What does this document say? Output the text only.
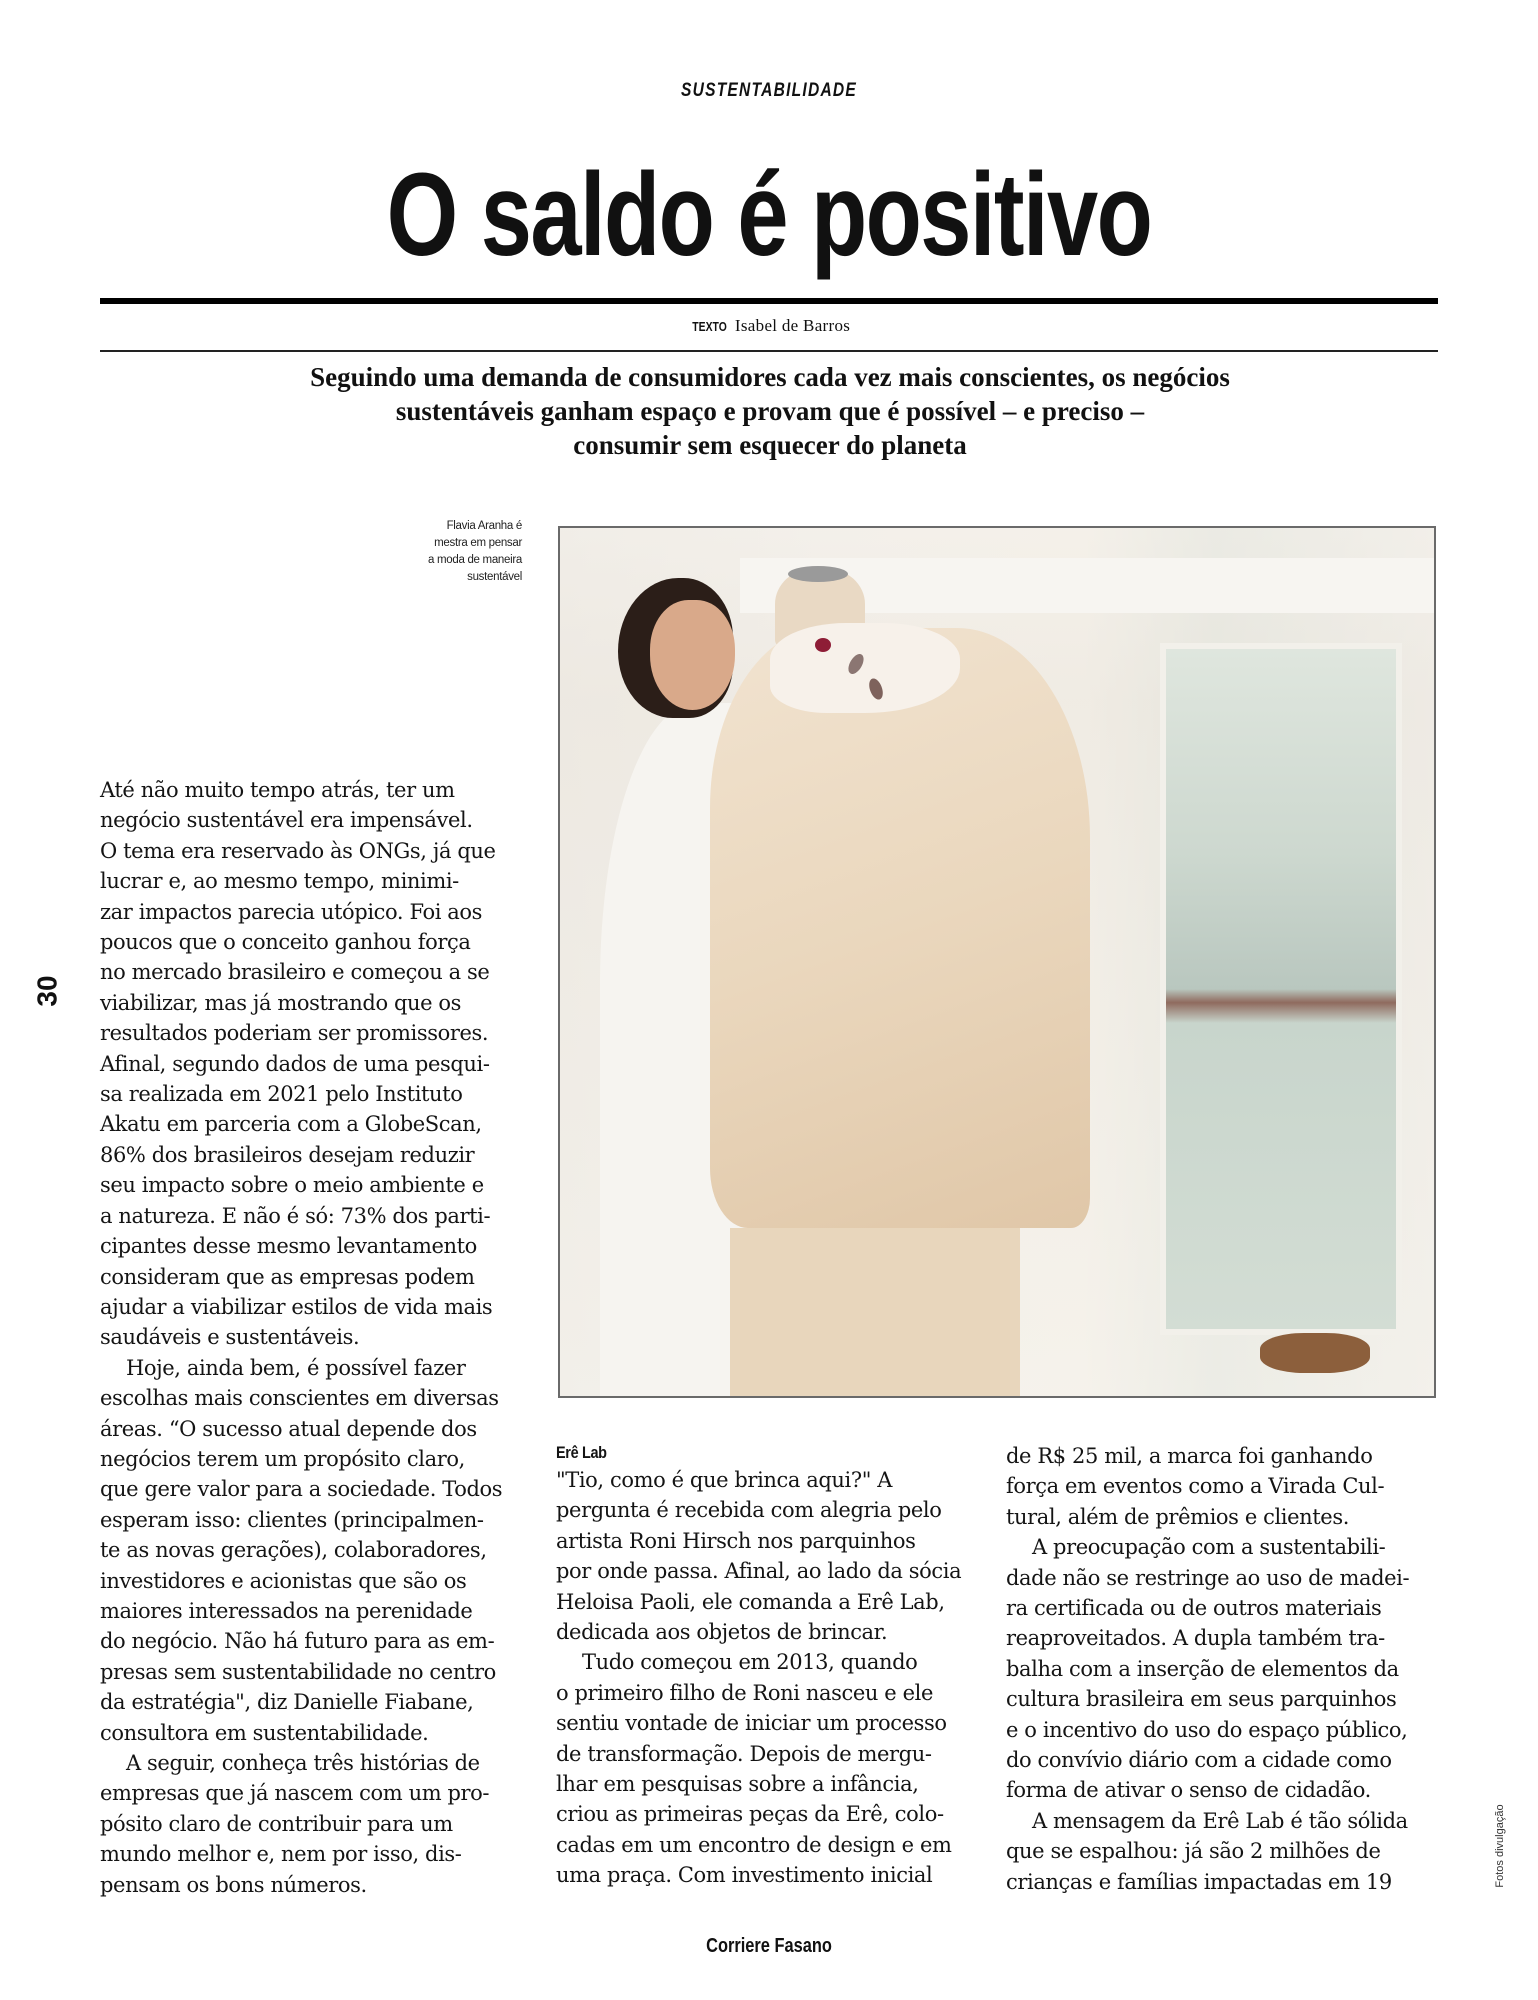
SUSTENTABILIDADE
O saldo é positivo
TEXTO Isabel de Barros
Seguindo uma demanda de consumidores cada vez mais conscientes, os negócios
sustentáveis ganham espaço e provam que é possível – e preciso –
consumir sem esquecer do planeta
Flavia Aranha é
mestra em pensar
a moda de maneira
sustentável
Até não muito tempo atrás, ter um
negócio sustentável era impensável.
O tema era reservado às ONGs, já que
lucrar e, ao mesmo tempo, minimi-
zar impactos parecia utópico. Foi aos
poucos que o conceito ganhou força
no mercado brasileiro e começou a se
viabilizar, mas já mostrando que os
resultados poderiam ser promissores.
Afinal, segundo dados de uma pesqui-
sa realizada em 2021 pelo Instituto
Akatu em parceria com a GlobeScan,
86% dos brasileiros desejam reduzir
seu impacto sobre o meio ambiente e
a natureza. E não é só: 73% dos parti-
cipantes desse mesmo levantamento
consideram que as empresas podem
ajudar a viabilizar estilos de vida mais
saudáveis e sustentáveis.
Hoje, ainda bem, é possível fazer
escolhas mais conscientes em diversas
áreas. “O sucesso atual depende dos
negócios terem um propósito claro,
que gere valor para a sociedade. Todos
esperam isso: clientes (principalmen-
te as novas gerações), colaboradores,
investidores e acionistas que são os
maiores interessados na perenidade
do negócio. Não há futuro para as em-
presas sem sustentabilidade no centro
da estratégia", diz Danielle Fiabane,
consultora em sustentabilidade.
A seguir, conheça três histórias de
empresas que já nascem com um pro-
pósito claro de contribuir para um
mundo melhor e, nem por isso, dis-
pensam os bons números.
Erê Lab
"Tio, como é que brinca aqui?" A
pergunta é recebida com alegria pelo
artista Roni Hirsch nos parquinhos
por onde passa. Afinal, ao lado da sócia
Heloisa Paoli, ele comanda a Erê Lab,
dedicada aos objetos de brincar.
Tudo começou em 2013, quando
o primeiro filho de Roni nasceu e ele
sentiu vontade de iniciar um processo
de transformação. Depois de mergu-
lhar em pesquisas sobre a infância,
criou as primeiras peças da Erê, colo-
cadas em um encontro de design e em
uma praça. Com investimento inicial
de R$ 25 mil, a marca foi ganhando
força em eventos como a Virada Cul-
tural, além de prêmios e clientes.
A preocupação com a sustentabili-
dade não se restringe ao uso de madei-
ra certificada ou de outros materiais
reaproveitados. A dupla também tra-
balha com a inserção de elementos da
cultura brasileira em seus parquinhos
e o incentivo do uso do espaço público,
do convívio diário com a cidade como
forma de ativar o senso de cidadão.
A mensagem da Erê Lab é tão sólida
que se espalhou: já são 2 milhões de
crianças e famílias impactadas em 19
30
Fotos divulgação
Corriere Fasano
